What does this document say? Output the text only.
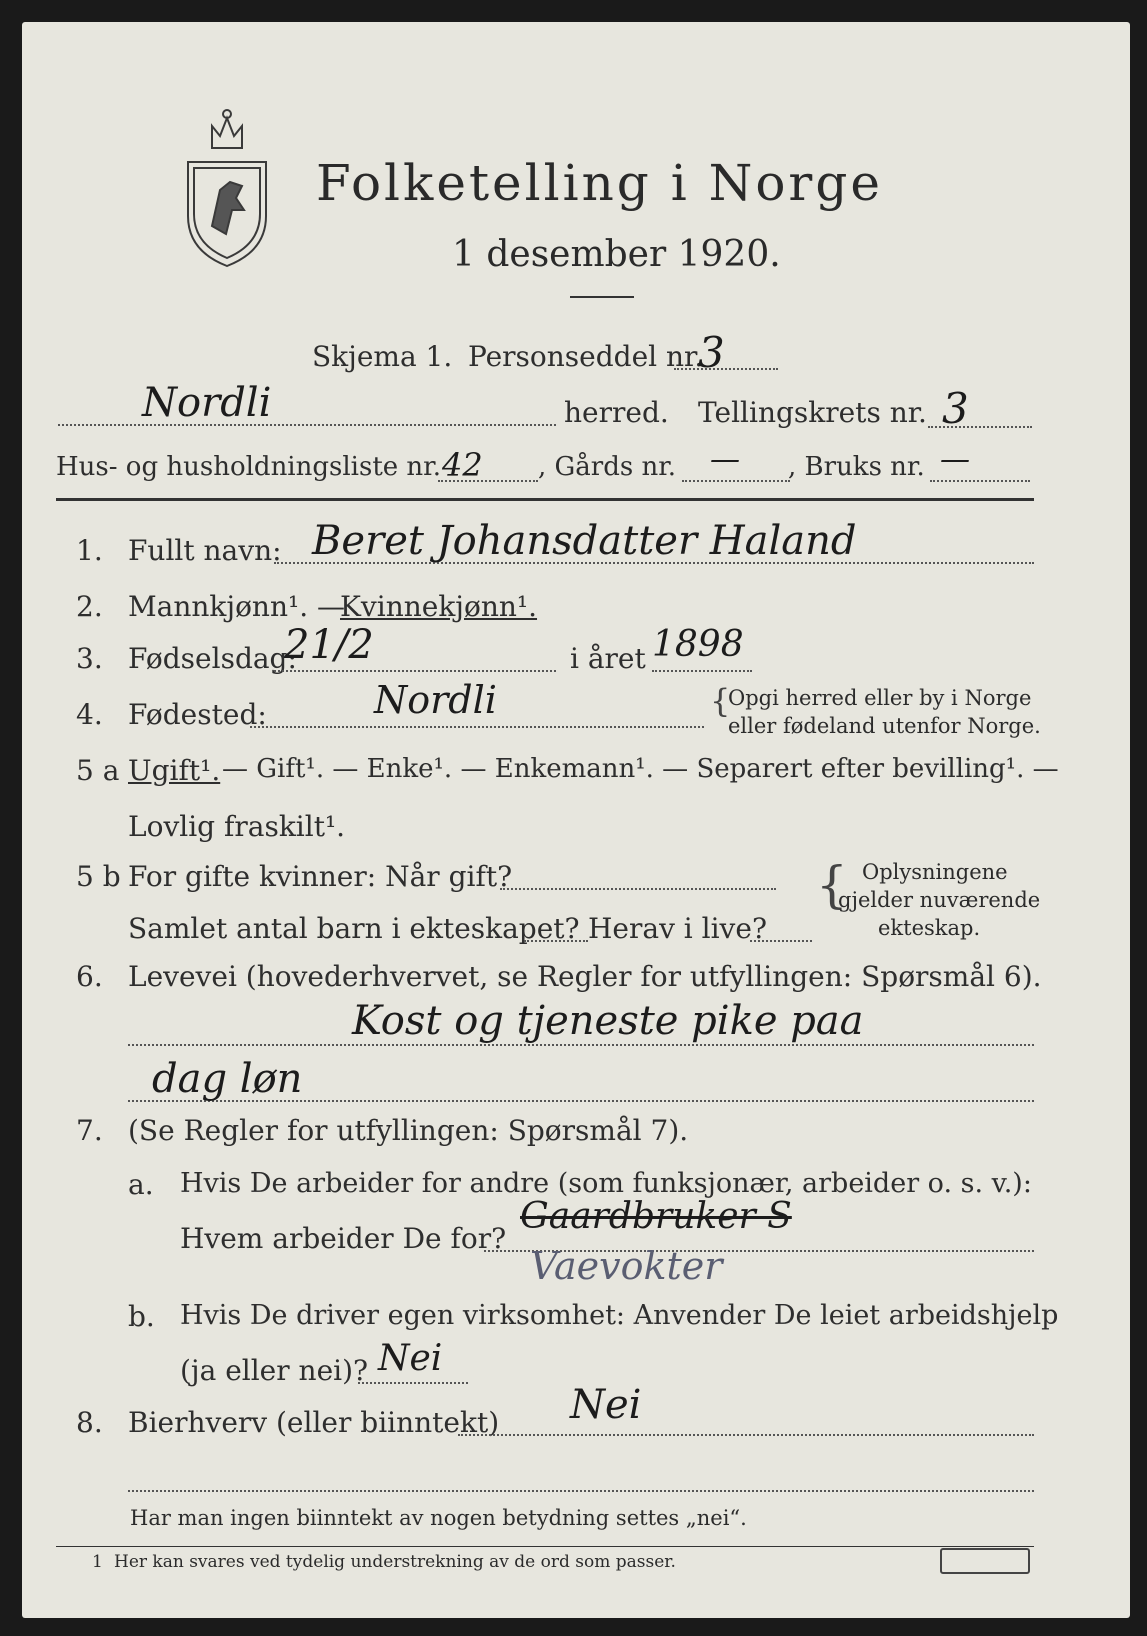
Folketelling i Norge
1 desember 1920.
Skjema 1. Personseddel nr.
3
Nordli	herred. Tellingskrets nr. 3
Hus- og husholdningsliste nr. 42 , Gårds nr. — , Bruks nr. —
1. Fullt navn: Beret Johansdatter Haland
2. Mannkjønn¹. —
Kvinnekjønn¹.
3. Fødselsdag:
21/2	i året 1898
4. Fødested:	Nordli	{
Opgi herred eller by i Norge
eller fødeland utenfor Norge.
5 a Ugift¹. — Gift¹. — Enke¹. — Enkemann¹. — Separert efter bevilling¹. —
Lovlig fraskilt¹.
5 b For gifte kvinner: Når gift?
Samlet antal barn i ekteskapet? Herav i live?
{ Oplysningene
gjelder nuværende
ekteskap.
6. Levevei (hovederhvervet, se Regler for utfyllingen: Spørsmål 6).
Kost og tjeneste pike paa
dag løn
7. (Se Regler for utfyllingen: Spørsmål 7).
a. Hvis De arbeider for andre (som funksjonær, arbeider o. s. v.):
Hvem arbeider De for?
Gaardbruker S
Vaevokter
b. Hvis De driver egen virksomhet: Anvender De leiet arbeidshjelp
(ja eller nei)? Nei
8. Bierhverv (eller biinntekt) Nei
Har man ingen biinntekt av nogen betydning settes „nei“.
1 Her kan svares ved tydelig understrekning av de ord som passer.
